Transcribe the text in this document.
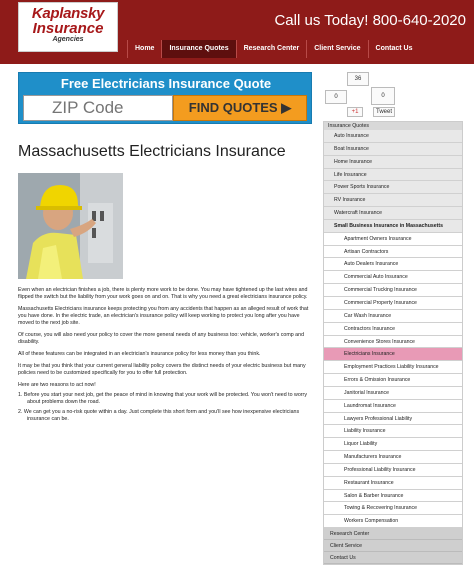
Kaplansky
Insurance
Agencies
Call us Today! 800-640-2020
Home	Insurance Quotes	Research Center	Client Service	Contact Us
Free Electricians Insurance Quote
ZIP Code
FIND QUOTES ▶
Massachusetts Electricians Insurance

Even when an electrician finishes a job, there is plenty more work to be done. You may have tightened up the last wires and flipped the switch but the liability from your work goes on and on. That is why you need a great electricians insurance policy.

Massachusetts Electricians insurance keeps protecting you from any accidents that happen as an alleged result of work that you have done. In the electric trade, an electrician's insurance policy will keep working to protect you long after you have moved to the next job site.

Of course, you will also need your policy to cover the more general needs of any business too: vehicle, worker's comp and disability.

All of these features can be integrated in an electrician's insurance policy for less money than you think.

It may be that you think that your current general liability policy covers the distinct needs of your electric business but many policies need to be customized specifically for you to offer full protection.

Here are two reasons to act now!

1. Before you start your next job, get the peace of mind in knowing that your work will be protected. You won't need to worry about problems down the road.
2. We can get you a no-risk quote within a day. Just complete this short form and you'll see how inexpensive electricians insurance can be.
36
0	0
+1	Tweet
Insurance Quotes
Auto Insurance
Boat Insurance
Home Insurance
Life Insurance
Power Sports Insurance
RV Insurance
Watercraft Insurance
Small Business Insurance in Massachusetts
Apartment Owners Insurance
Artisan Contractors
Auto Dealers Insurance
Commercial Auto Insurance
Commercial Trucking Insurance
Commercial Property Insurance
Car Wash Insurance
Contractors Insurance
Convenience Stores Insurance
Electricians Insurance
Employment Practices Liability Insurance
Errors & Omission Insurance
Janitorial Insurance
Laundromat Insurance
Lawyers Professional Liability
Liability Insurance
Liquor Liability
Manufacturers Insurance
Professional Liability Insurance
Restaurant Insurance
Salon & Barber Insurance
Towing & Recovering Insurance
Workers Compensation
Research Center
Client Service
Contact Us
